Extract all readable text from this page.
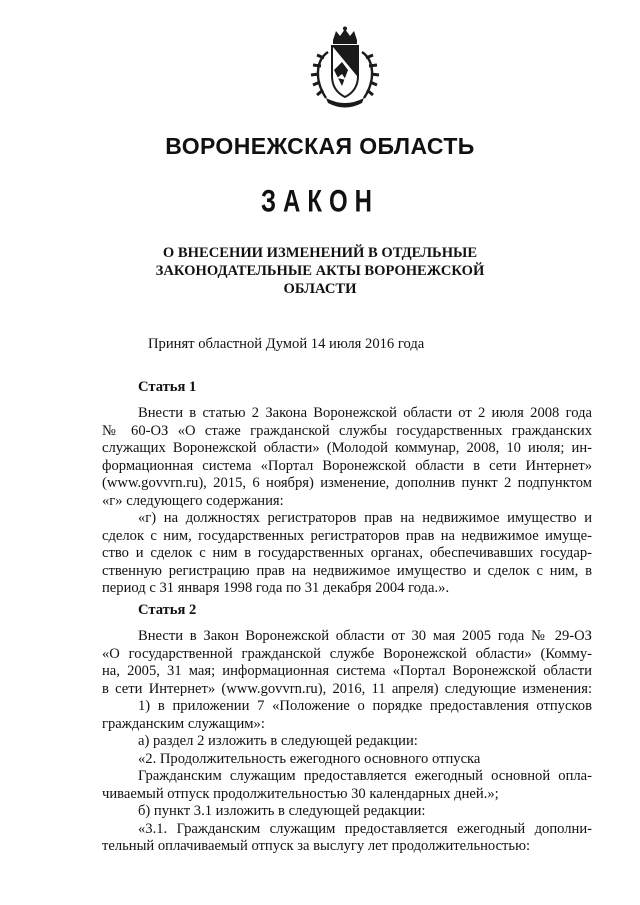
ВОРОНЕЖСКАЯ ОБЛАСТЬ
ЗАКОН
О ВНЕСЕНИИ ИЗМЕНЕНИЙ В ОТДЕЛЬНЫЕ
ЗАКОНОДАТЕЛЬНЫЕ АКТЫ ВОРОНЕЖСКОЙ
ОБЛАСТИ
Принят областной Думой 14 июля 2016 года
Статья 1
Внести в статью 2 Закона Воронежской области от 2 июля 2008 года
№ 60-ОЗ «О стаже гражданской службы государственных гражданских
служащих Воронежской области» (Молодой коммунар, 2008, 10 июля; ин-
формационная система «Портал Воронежской области в сети Интернет»
(www.govvrn.ru), 2015, 6 ноября) изменение, дополнив пункт 2 подпунктом
«г» следующего содержания:
«г) на должностях регистраторов прав на недвижимое имущество и
сделок с ним, государственных регистраторов прав на недвижимое имуще-
ство и сделок с ним в государственных органах, обеспечивавших государ-
ственную регистрацию прав на недвижимое имущество и сделок с ним, в
период с 31 января 1998 года по 31 декабря 2004 года.».
Статья 2
Внести в Закон Воронежской области от 30 мая 2005 года № 29-ОЗ
«О государственной гражданской службе Воронежской области» (Комму-
на, 2005, 31 мая; информационная система «Портал Воронежской области
в сети Интернет» (www.govvrn.ru), 2016, 11 апреля) следующие изменения:
1) в приложении 7 «Положение о порядке предоставления отпусков
гражданским служащим»:
а) раздел 2 изложить в следующей редакции:
«2. Продолжительность ежегодного основного отпуска
Гражданским служащим предоставляется ежегодный основной опла-
чиваемый отпуск продолжительностью 30 календарных дней.»;
б) пункт 3.1 изложить в следующей редакции:
«3.1. Гражданским служащим предоставляется ежегодный дополни-
тельный оплачиваемый отпуск за выслугу лет продолжительностью:
